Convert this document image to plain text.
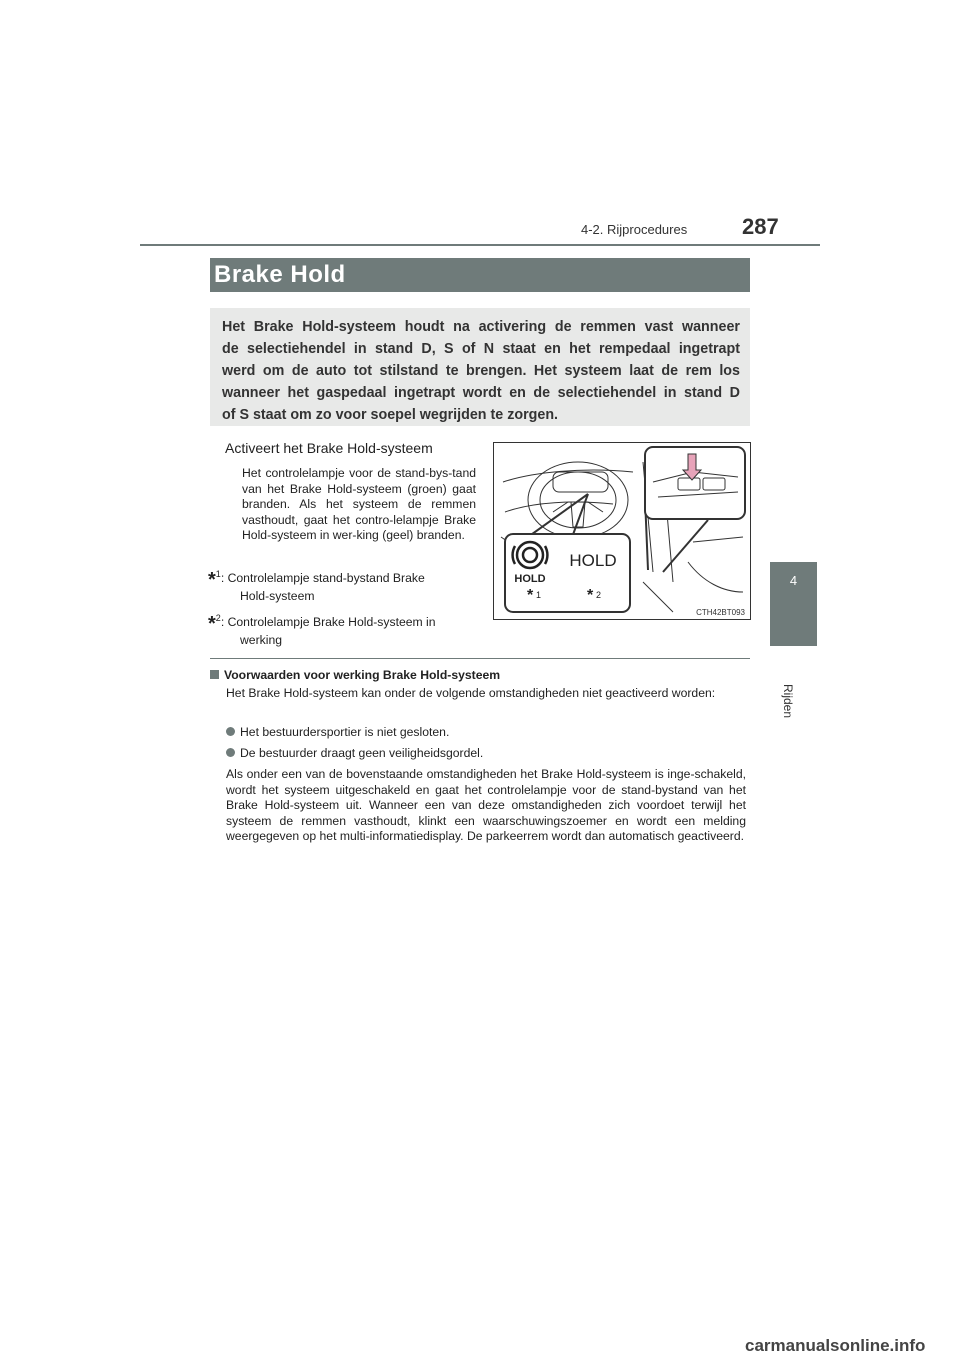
4-2. Rijprocedures 287
4
Rijden
Brake Hold
Het Brake Hold-systeem houdt na activering de remmen vast wanneer
de selectiehendel in stand D, S of N staat en het rempedaal ingetrapt
werd om de auto tot stilstand te brengen. Het systeem laat de rem los
wanneer het gaspedaal ingetrapt wordt en de selectiehendel in stand D
of S staat om zo voor soepel wegrijden te zorgen.
Activeert het Brake Hold-systeem
Het controlelampje voor de stand-bys-tand van het Brake Hold-systeem (groen) gaat branden. Als het systeem de remmen vasthoudt, gaat het contro-lelampje Brake Hold-systeem in wer-king (geel) branden.
*$^1$: Controlelampje stand-bystand Brake
Hold-systeem
*$^2$: Controlelampje Brake Hold-systeem in
werking
HOLD
HOLD
* 1	* 2
CTH42BT093
Voorwaarden voor werking Brake Hold-systeem
Het Brake Hold-systeem kan onder de volgende omstandigheden niet geactiveerd worden:
Het bestuurdersportier is niet gesloten.
De bestuurder draagt geen veiligheidsgordel.
Als onder een van de bovenstaande omstandigheden het Brake Hold-systeem is inge-schakeld, wordt het systeem uitgeschakeld en gaat het controlelampje voor de stand-bystand van het Brake Hold-systeem uit. Wanneer een van deze omstandigheden zich voordoet terwijl het systeem de remmen vasthoudt, klinkt een waarschuwingszoemer en wordt een melding weergegeven op het multi-informatiedisplay. De parkeerrem wordt dan automatisch geactiveerd.
carmanualsonline.info
